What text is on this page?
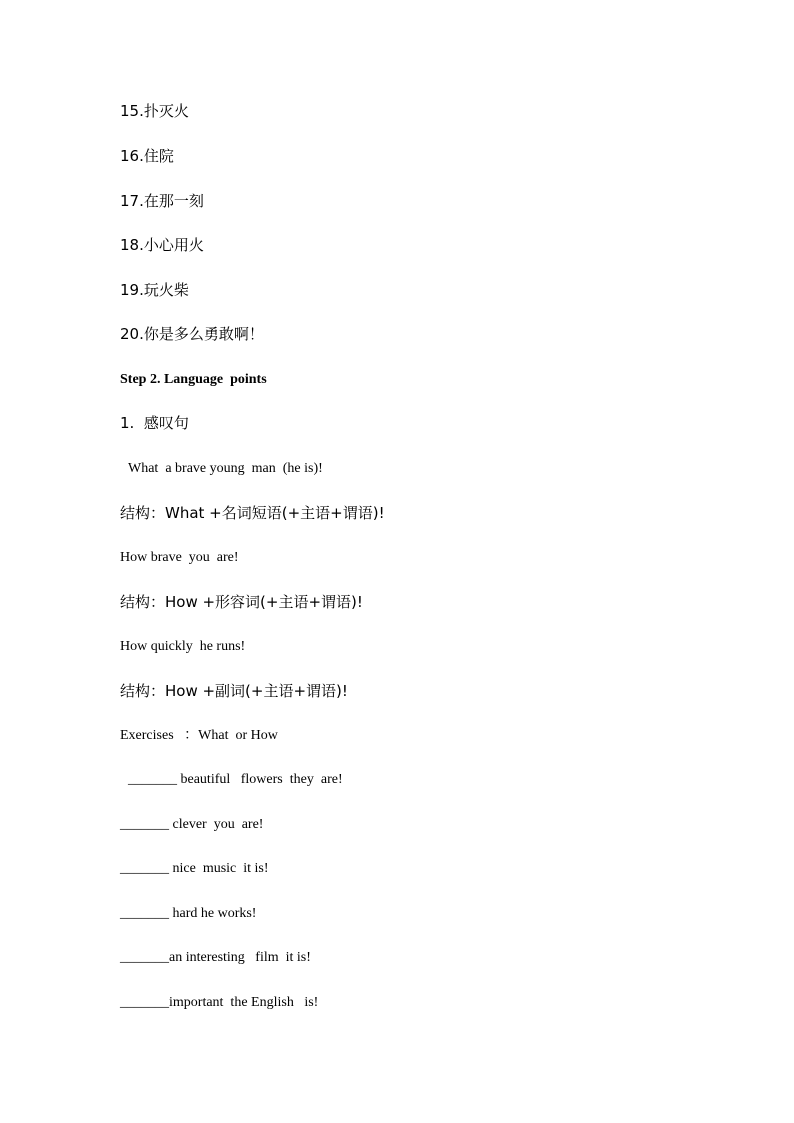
15.扑灭火
16.住院
17.在那一刻
18.小心用火
19.玩火柴
20.你是多么勇敢啊！
Step 2. Language  points
1.  感叹句
What  a brave young  man  (he is)!
结构：What +名词短语(+主语+谓语)!
How brave  you  are!
结构：How +形容词(+主语+谓语)!
How quickly  he runs!
结构：How +副词(+主语+谓语)!
Exercises   ：What  or How
_______ beautiful   flowers  they  are!
_______ clever  you  are!
_______ nice  music  it is!
_______ hard he works!
_______an interesting   film  it is!
_______important  the English   is!
